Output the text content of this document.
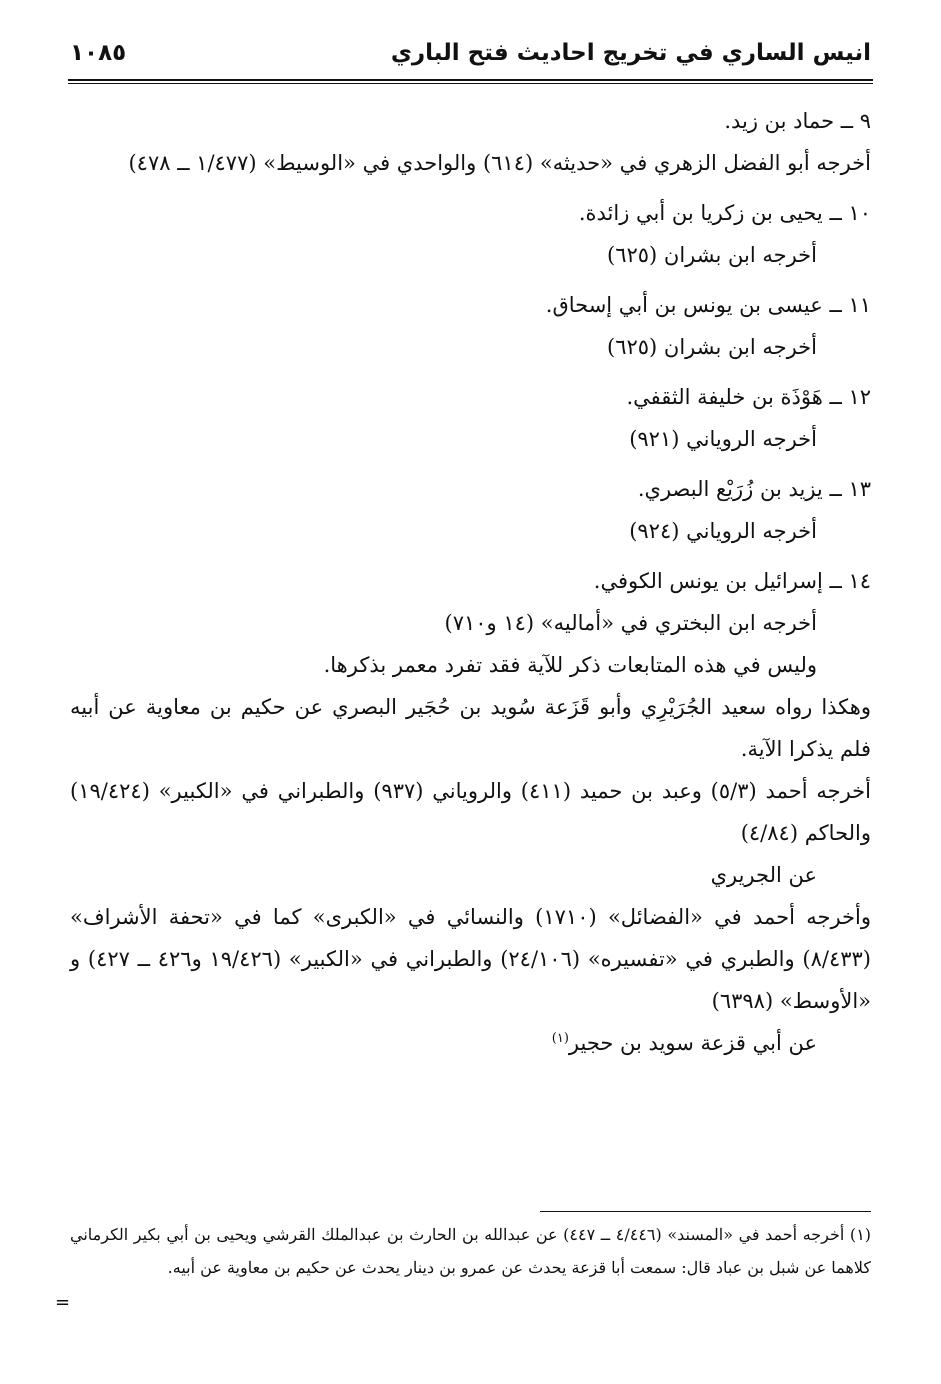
انيس الساري في تخريج احاديث فتح الباري
١٠٨٥

٩ ــ حماد بن زيد.

أخرجه أبو الفضل الزهري في «حديثه» (٦١٤) والواحدي في «الوسيط» (١/٤٧٧ ــ ٤٧٨)

١٠ ــ يحيى بن زكريا بن أبي زائدة.

أخرجه ابن بشران (٦٢٥)

١١ ــ عيسى بن يونس بن أبي إسحاق.

أخرجه ابن بشران (٦٢٥)

١٢ ــ هَوْذَة بن خليفة الثقفي.

أخرجه الروياني (٩٢١)

١٣ ــ يزيد بن زُرَيْع البصري.

أخرجه الروياني (٩٢٤)

١٤ ــ إسرائيل بن يونس الكوفي.

أخرجه ابن البختري في «أماليه» (١٤ و٧١٠)

وليس في هذه المتابعات ذكر للآية فقد تفرد معمر بذكرها.

وهكذا رواه سعيد الجُرَيْرِي وأبو قَزَعة سُويد بن حُجَير البصري عن حكيم بن معاوية عن أبيه فلم يذكرا الآية.

أخرجه أحمد (٥/٣) وعبد بن حميد (٤١١) والروياني (٩٣٧) والطبراني في «الكبير» (١٩/٤٢٤) والحاكم (٤/٨٤)

عن الجريري

وأخرجه أحمد في «الفضائل» (١٧١٠) والنسائي في «الكبرى» كما في «تحفة الأشراف» (٨/٤٣٣) والطبري في «تفسيره» (٢٤/١٠٦) والطبراني في «الكبير» (١٩/٤٢٦ و٤٢٦ ــ ٤٢٧) و «الأوسط» (٦٣٩٨)

عن أبي قزعة سويد بن حجير$^{(١)}$

(١) أخرجه أحمد في «المسند» (٤/٤٤٦ ــ ٤٤٧) عن عبدالله بن الحارث بن عبدالملك القرشي ويحيى بن أبي بكير الكرماني كلاهما عن شبل بن عباد قال: سمعت أبا قزعة يحدث عن عمرو بن دينار يحدث عن حكيم بن معاوية عن أبيه.

=
